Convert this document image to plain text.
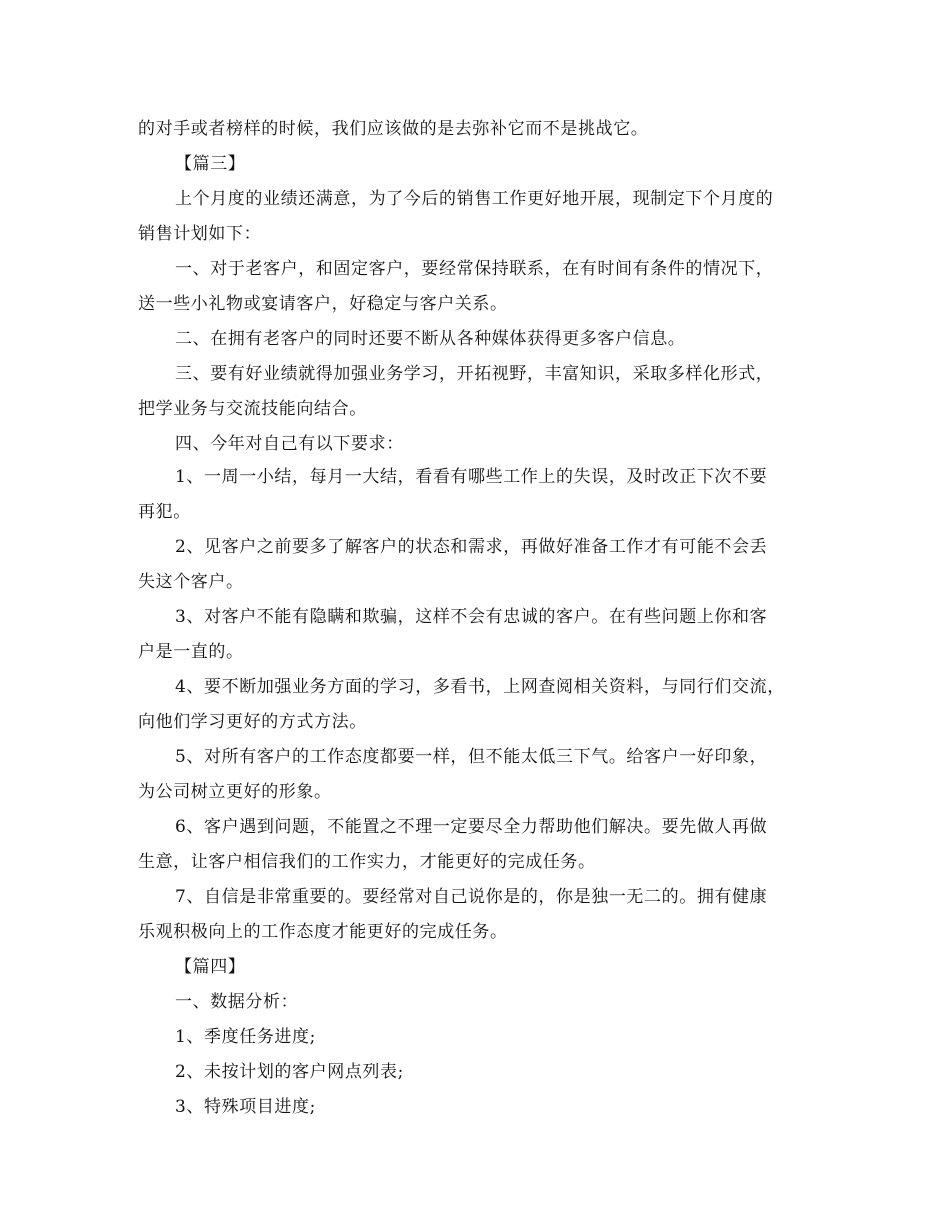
的对手或者榜样的时候，我们应该做的是去弥补它而不是挑战它。
【篇三】
上个月度的业绩还满意，为了今后的销售工作更好地开展，现制定下个月度的
销售计划如下：
一、对于老客户，和固定客户，要经常保持联系，在有时间有条件的情况下，
送一些小礼物或宴请客户，好稳定与客户关系。
二、在拥有老客户的同时还要不断从各种媒体获得更多客户信息。
三、要有好业绩就得加强业务学习，开拓视野，丰富知识，采取多样化形式，
把学业务与交流技能向结合。
四、今年对自己有以下要求：
1、一周一小结，每月一大结，看看有哪些工作上的失误，及时改正下次不要
再犯。
2、见客户之前要多了解客户的状态和需求，再做好准备工作才有可能不会丢
失这个客户。
3、对客户不能有隐瞒和欺骗，这样不会有忠诚的客户。在有些问题上你和客
户是一直的。
4、要不断加强业务方面的学习，多看书，上网查阅相关资料，与同行们交流，
向他们学习更好的方式方法。
5、对所有客户的工作态度都要一样，但不能太低三下气。给客户一好印象，
为公司树立更好的形象。
6、客户遇到问题，不能置之不理一定要尽全力帮助他们解决。要先做人再做
生意，让客户相信我们的工作实力，才能更好的完成任务。
7、自信是非常重要的。要经常对自己说你是的，你是独一无二的。拥有健康
乐观积极向上的工作态度才能更好的完成任务。
【篇四】
一、数据分析：
1、季度任务进度;
2、未按计划的客户网点列表;
3、特殊项目进度;
